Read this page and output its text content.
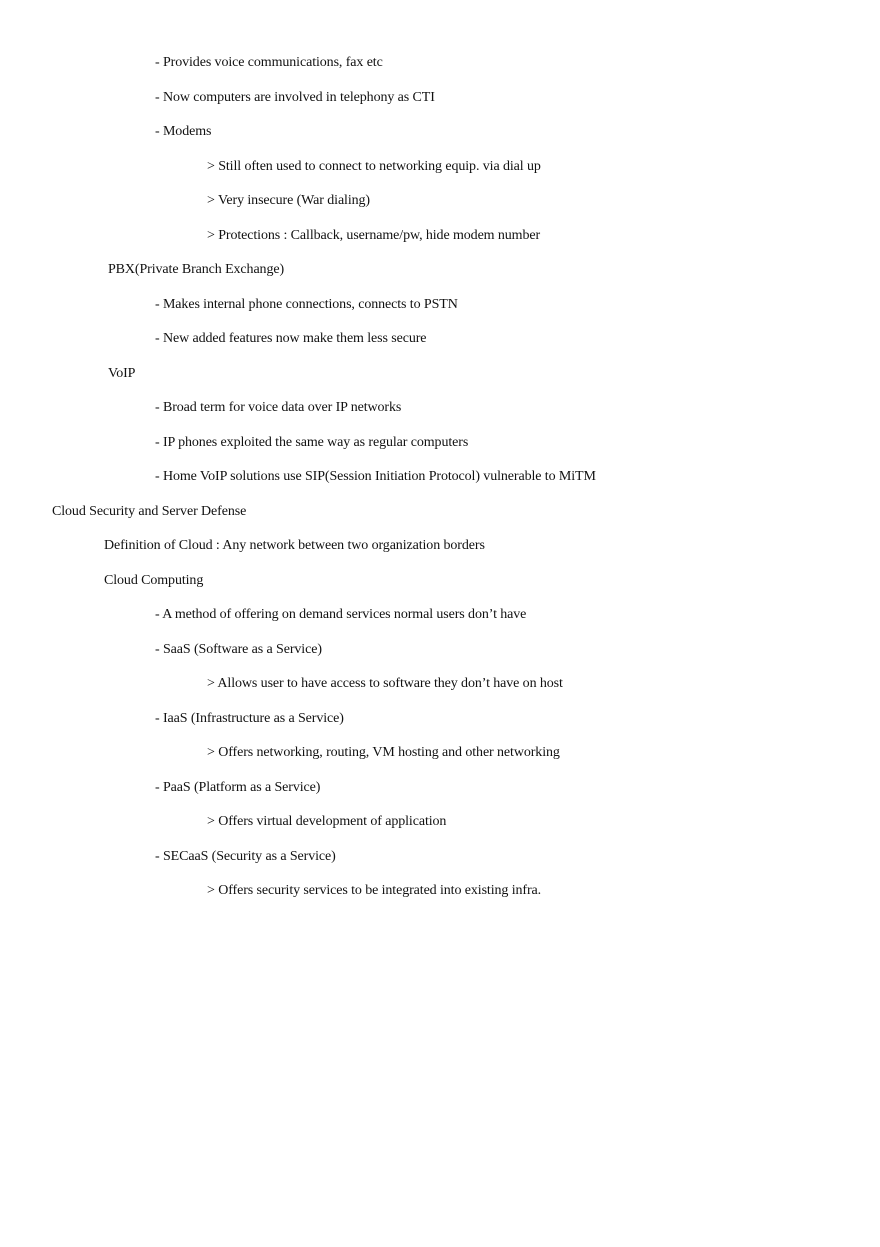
- Provides voice communications, fax etc
- Now computers are involved in telephony as CTI
- Modems
> Still often used to connect to networking equip. via dial up
> Very insecure (War dialing)
> Protections : Callback, username/pw, hide modem number
PBX(Private Branch Exchange)
- Makes internal phone connections, connects to PSTN
- New added features now make them less secure
VoIP
- Broad term for voice data over IP networks
- IP phones exploited the same way as regular computers
- Home VoIP solutions use SIP(Session Initiation Protocol) vulnerable to MiTM
Cloud Security and Server Defense
Definition of Cloud : Any network between two organization borders
Cloud Computing
- A method of offering on demand services normal users don’t have
- SaaS (Software as a Service)
> Allows user to have access to software they don’t have on host
- IaaS (Infrastructure as a Service)
> Offers networking, routing, VM hosting and other networking
- PaaS (Platform as a Service)
> Offers virtual development of application
- SECaaS (Security as a Service)
> Offers security services to be integrated into existing infra.
